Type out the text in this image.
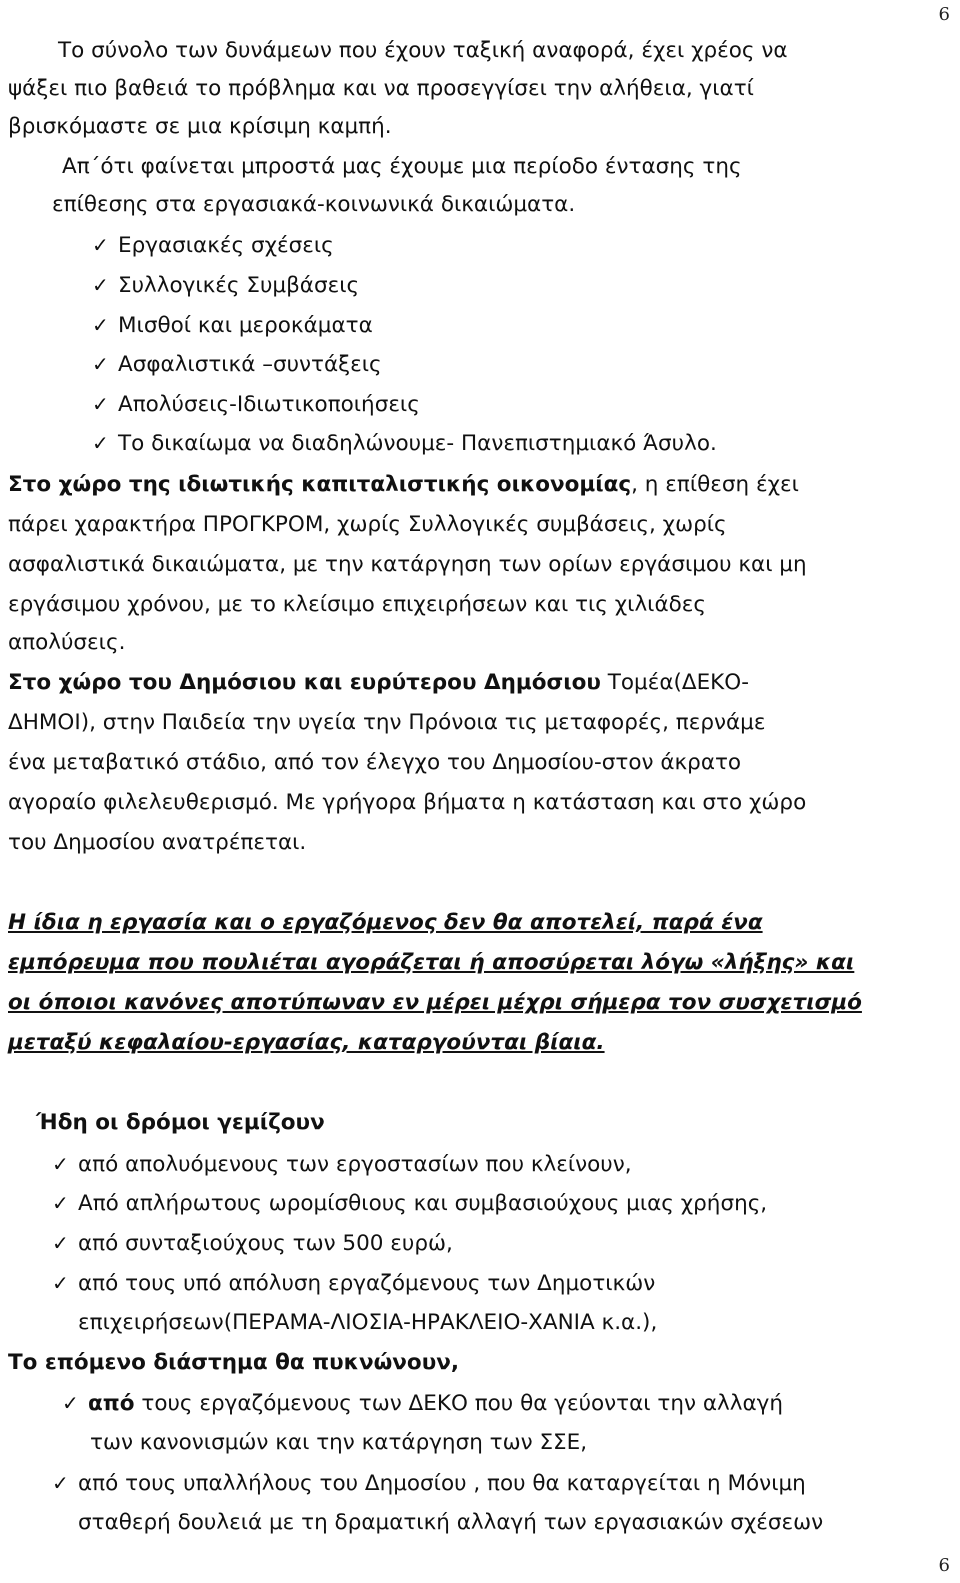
6
Το σύνολο των δυνάμεων που έχουν ταξική αναφορά, έχει χρέος να
ψάξει πιο βαθειά το πρόβλημα και να προσεγγίσει την αλήθεια, γιατί
βρισκόμαστε σε μια κρίσιμη καμπή.
Απ΄ότι φαίνεται μπροστά μας έχουμε μια περίοδο έντασης της
επίθεσης στα εργασιακά-κοινωνικά δικαιώματα.
✓ Εργασιακές σχέσεις
✓ Συλλογικές Συμβάσεις
✓ Μισθοί και μεροκάματα
✓ Ασφαλιστικά –συντάξεις
✓ Απολύσεις-Ιδιωτικοποιήσεις
✓ Το δικαίωμα να διαδηλώνουμε- Πανεπιστημιακό Άσυλο.
Στο χώρο της ιδιωτικής καπιταλιστικής οικονομίας, η επίθεση έχει
πάρει χαρακτήρα ΠΡΟΓΚΡΟΜ, χωρίς Συλλογικές συμβάσεις, χωρίς
ασφαλιστικά δικαιώματα, με την κατάργηση των ορίων εργάσιμου και μη
εργάσιμου χρόνου, με το κλείσιμο επιχειρήσεων και τις χιλιάδες
απολύσεις.
Στο χώρο του Δημόσιου και ευρύτερου Δημόσιου Τομέα(ΔΕΚΟ-
ΔΗΜΟΙ), στην Παιδεία την υγεία την Πρόνοια τις μεταφορές, περνάμε
ένα μεταβατικό στάδιο, από τον έλεγχο του Δημοσίου-στον άκρατο
αγοραίο φιλελευθερισμό. Με γρήγορα βήματα η κατάσταση και στο χώρο
του Δημοσίου ανατρέπεται.
Η ίδια η εργασία και ο εργαζόμενος δεν θα αποτελεί, παρά ένα
εμπόρευμα που πουλιέται αγοράζεται ή αποσύρεται λόγω «λήξης» και
οι όποιοι κανόνες αποτύπωναν εν μέρει μέχρι σήμερα τον συσχετισμό
μεταξύ κεφαλαίου-εργασίας, καταργούνται βίαια.
Ήδη οι δρόμοι γεμίζουν
✓ από απολυόμενους των εργοστασίων που κλείνουν,
✓ Από απλήρωτους ωρομίσθιους και συμβασιούχους μιας χρήσης,
✓ από συνταξιούχους των 500 ευρώ,
✓ από τους υπό απόλυση εργαζόμενους των Δημοτικών
επιχειρήσεων(ΠΕΡΑΜΑ-ΛΙΟΣΙΑ-ΗΡΑΚΛΕΙΟ-ΧΑΝΙΑ κ.α.),
Το επόμενο διάστημα θα πυκνώνουν,
✓ από τους εργαζόμενους των ΔΕΚΟ που θα γεύονται την αλλαγή
των κανονισμών και την κατάργηση των ΣΣΕ,
✓ από τους υπαλλήλους του Δημοσίου , που θα καταργείται η Μόνιμη
σταθερή δουλειά με τη δραματική αλλαγή των εργασιακών σχέσεων
6
